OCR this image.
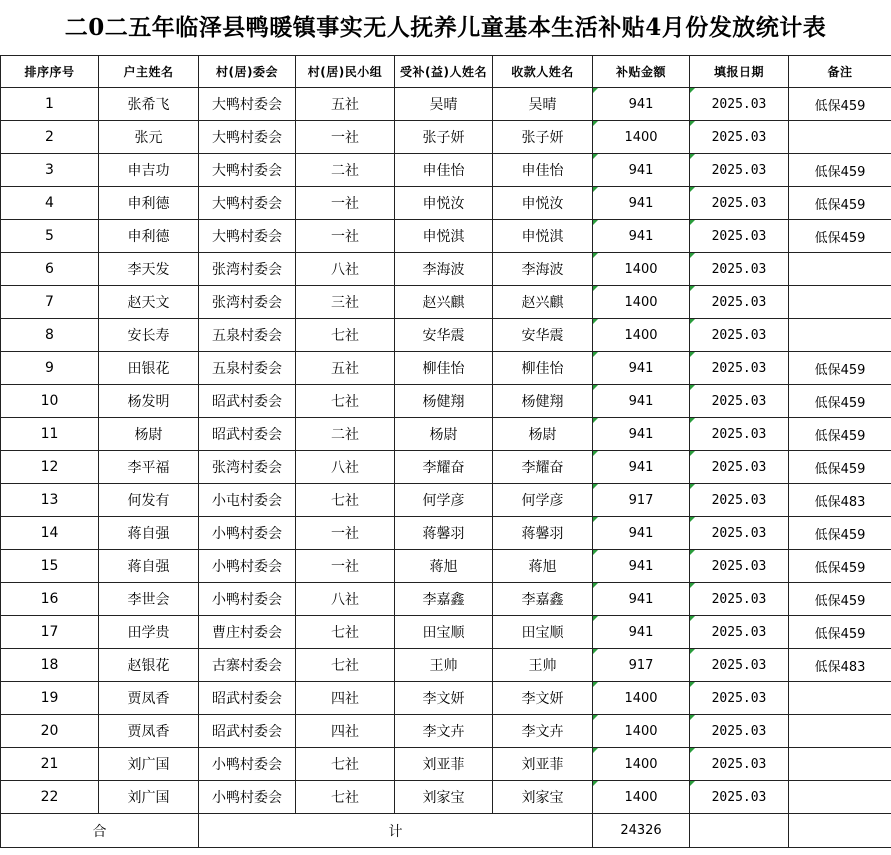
二0二五年临泽县鸭暖镇事实无人抚养儿童基本生活补贴4月份发放统计表
排序序号	户主姓名	村(居)委会	村(居)民小组	受补(益)人姓名	收款人姓名	补贴金额	填报日期	备注
1	张希飞	大鸭村委会	五社	吴晴	吴晴	941	2025.03	低保459
2	张元	大鸭村委会	一社	张子妍	张子妍	1400	2025.03	
3	申吉功	大鸭村委会	二社	申佳怡	申佳怡	941	2025.03	低保459
4	申利德	大鸭村委会	一社	申悦汝	申悦汝	941	2025.03	低保459
5	申利德	大鸭村委会	一社	申悦淇	申悦淇	941	2025.03	低保459
6	李天发	张湾村委会	八社	李海波	李海波	1400	2025.03	
7	赵天文	张湾村委会	三社	赵兴麒	赵兴麒	1400	2025.03	
8	安长寿	五泉村委会	七社	安华震	安华震	1400	2025.03	
9	田银花	五泉村委会	五社	柳佳怡	柳佳怡	941	2025.03	低保459
10	杨发明	昭武村委会	七社	杨健翔	杨健翔	941	2025.03	低保459
11	杨尉	昭武村委会	二社	杨尉	杨尉	941	2025.03	低保459
12	李平福	张湾村委会	八社	李耀奋	李耀奋	941	2025.03	低保459
13	何发有	小屯村委会	七社	何学彦	何学彦	917	2025.03	低保483
14	蒋自强	小鸭村委会	一社	蒋馨羽	蒋馨羽	941	2025.03	低保459
15	蒋自强	小鸭村委会	一社	蒋旭	蒋旭	941	2025.03	低保459
16	李世会	小鸭村委会	八社	李嘉鑫	李嘉鑫	941	2025.03	低保459
17	田学贵	曹庄村委会	七社	田宝顺	田宝顺	941	2025.03	低保459
18	赵银花	古寨村委会	七社	王帅	王帅	917	2025.03	低保483
19	贾凤香	昭武村委会	四社	李文妍	李文妍	1400	2025.03	
20	贾凤香	昭武村委会	四社	李文卉	李文卉	1400	2025.03	
21	刘广国	小鸭村委会	七社	刘亚菲	刘亚菲	1400	2025.03	
22	刘广国	小鸭村委会	七社	刘家宝	刘家宝	1400	2025.03	
合		计				24326		
